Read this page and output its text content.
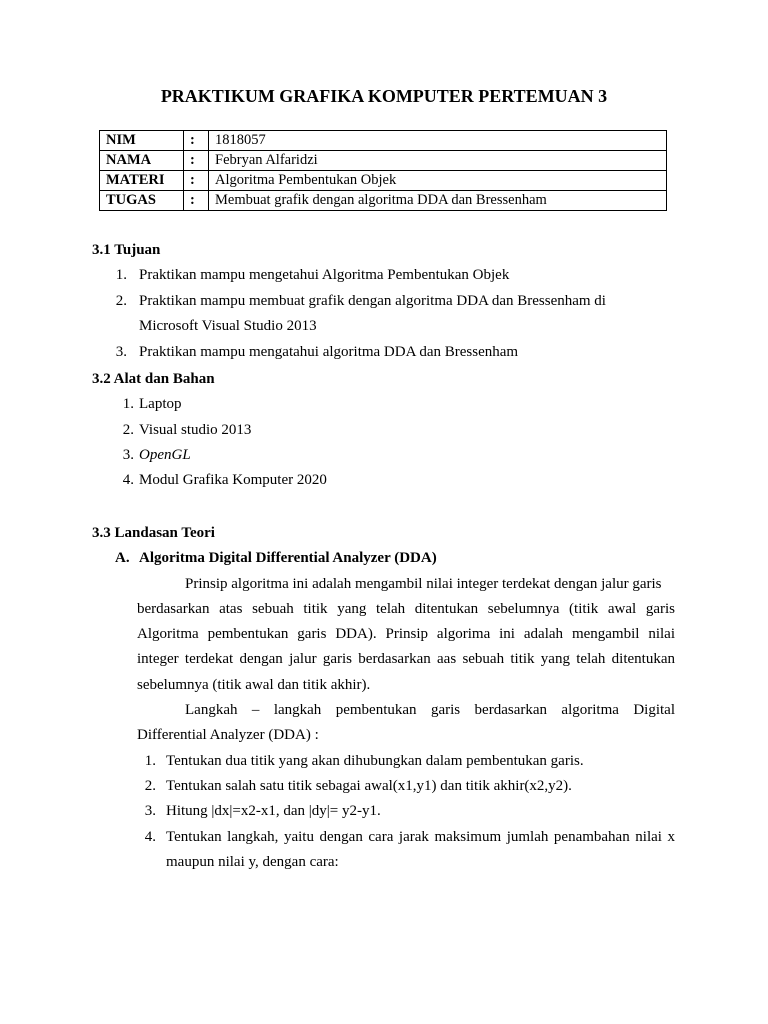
PRAKTIKUM GRAFIKA KOMPUTER PERTEMUAN 3
NIM	:	1818057
NAMA	:	Febryan Alfaridzi
MATERI	:	Algoritma Pembentukan Objek
TUGAS	:	Membuat grafik dengan algoritma DDA dan Bressenham
3.1 Tujuan
1. Praktikan mampu mengetahui Algoritma Pembentukan Objek
2. Praktikan mampu membuat grafik dengan algoritma DDA dan Bressenham di
Microsoft Visual Studio 2013
3. Praktikan mampu mengatahui algoritma DDA dan Bressenham
3.2 Alat dan Bahan
1. Laptop
2. Visual studio 2013
3. OpenGL
4. Modul Grafika Komputer 2020
3.3 Landasan Teori
A. Algoritma Digital Differential Analyzer (DDA)
Prinsip algoritma ini adalah mengambil nilai integer terdekat dengan jalur garis
berdasarkan atas sebuah titik yang telah ditentukan sebelumnya (titik awal garis
Algoritma pembentukan garis DDA). Prinsip algorima ini adalah mengambil nilai
integer terdekat dengan jalur garis berdasarkan aas sebuah titik yang telah ditentukan
sebelumnya (titik awal dan titik akhir).
Langkah – langkah pembentukan garis berdasarkan algoritma Digital
Differential Analyzer (DDA) :
1. Tentukan dua titik yang akan dihubungkan dalam pembentukan garis.
2. Tentukan salah satu titik sebagai awal(x1,y1) dan titik akhir(x2,y2).
3. Hitung |dx|=x2-x1, dan |dy|= y2-y1.
4. Tentukan langkah, yaitu dengan cara jarak maksimum jumlah penambahan nilai x
maupun nilai y, dengan cara:
